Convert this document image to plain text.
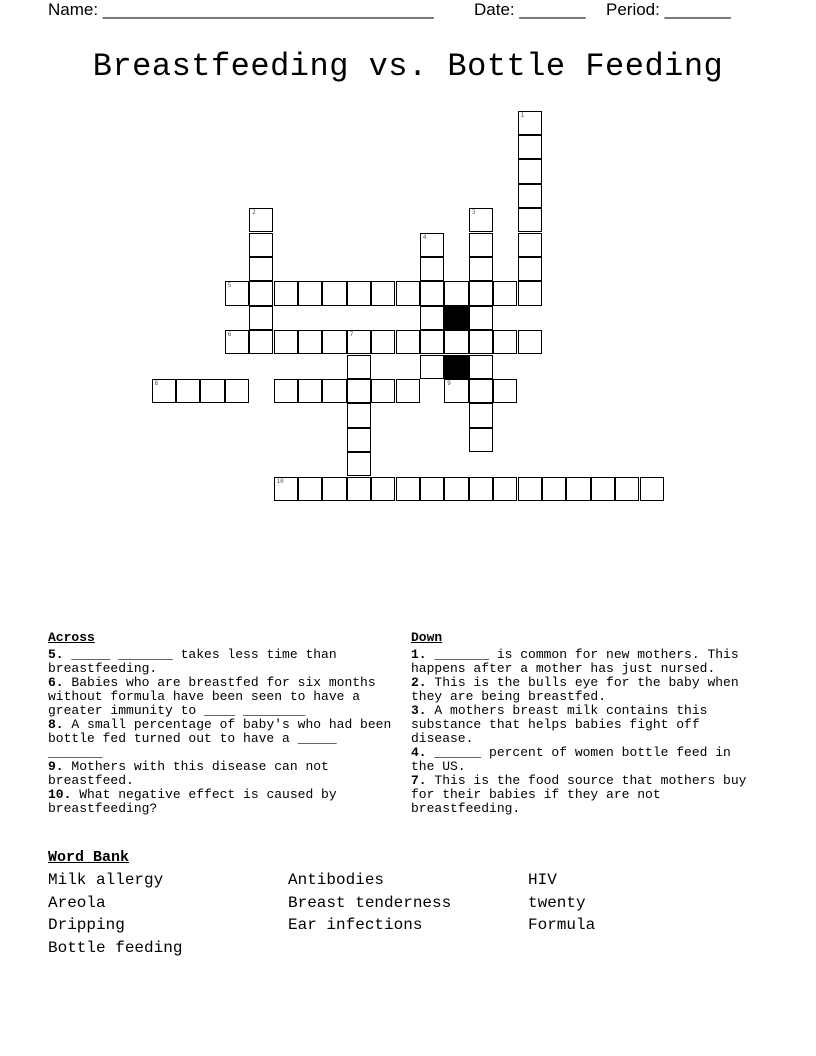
Name: ___________________________________ Date: _______ Period: _______
Breastfeeding vs. Bottle Feeding
1
2	3
4
5
6	7
8	9
10
Across
5. _____ _______ takes less time than breastfeeding.
6. Babies who are breastfed for six months without formula have been seen to have a greater immunity to ____ ________
8. A small percentage of baby's who had been bottle fed turned out to have a _____ _______
9. Mothers with this disease can not breastfeed.
10. What negative effect is caused by breastfeeding?
Down
1. _______ is common for new mothers. This happens after a mother has just nursed.
2. This is the bulls eye for the baby when they are being breastfed.
3. A mothers breast milk contains this substance that helps babies fight off disease.
4. ______ percent of women bottle feed in the US.
7. This is the food source that mothers buy for their babies if they are not breastfeeding.
Word Bank
Milk allergy	Antibodies	HIV
Areola	Breast tenderness	twenty
Dripping	Ear infections	Formula
Bottle feeding
